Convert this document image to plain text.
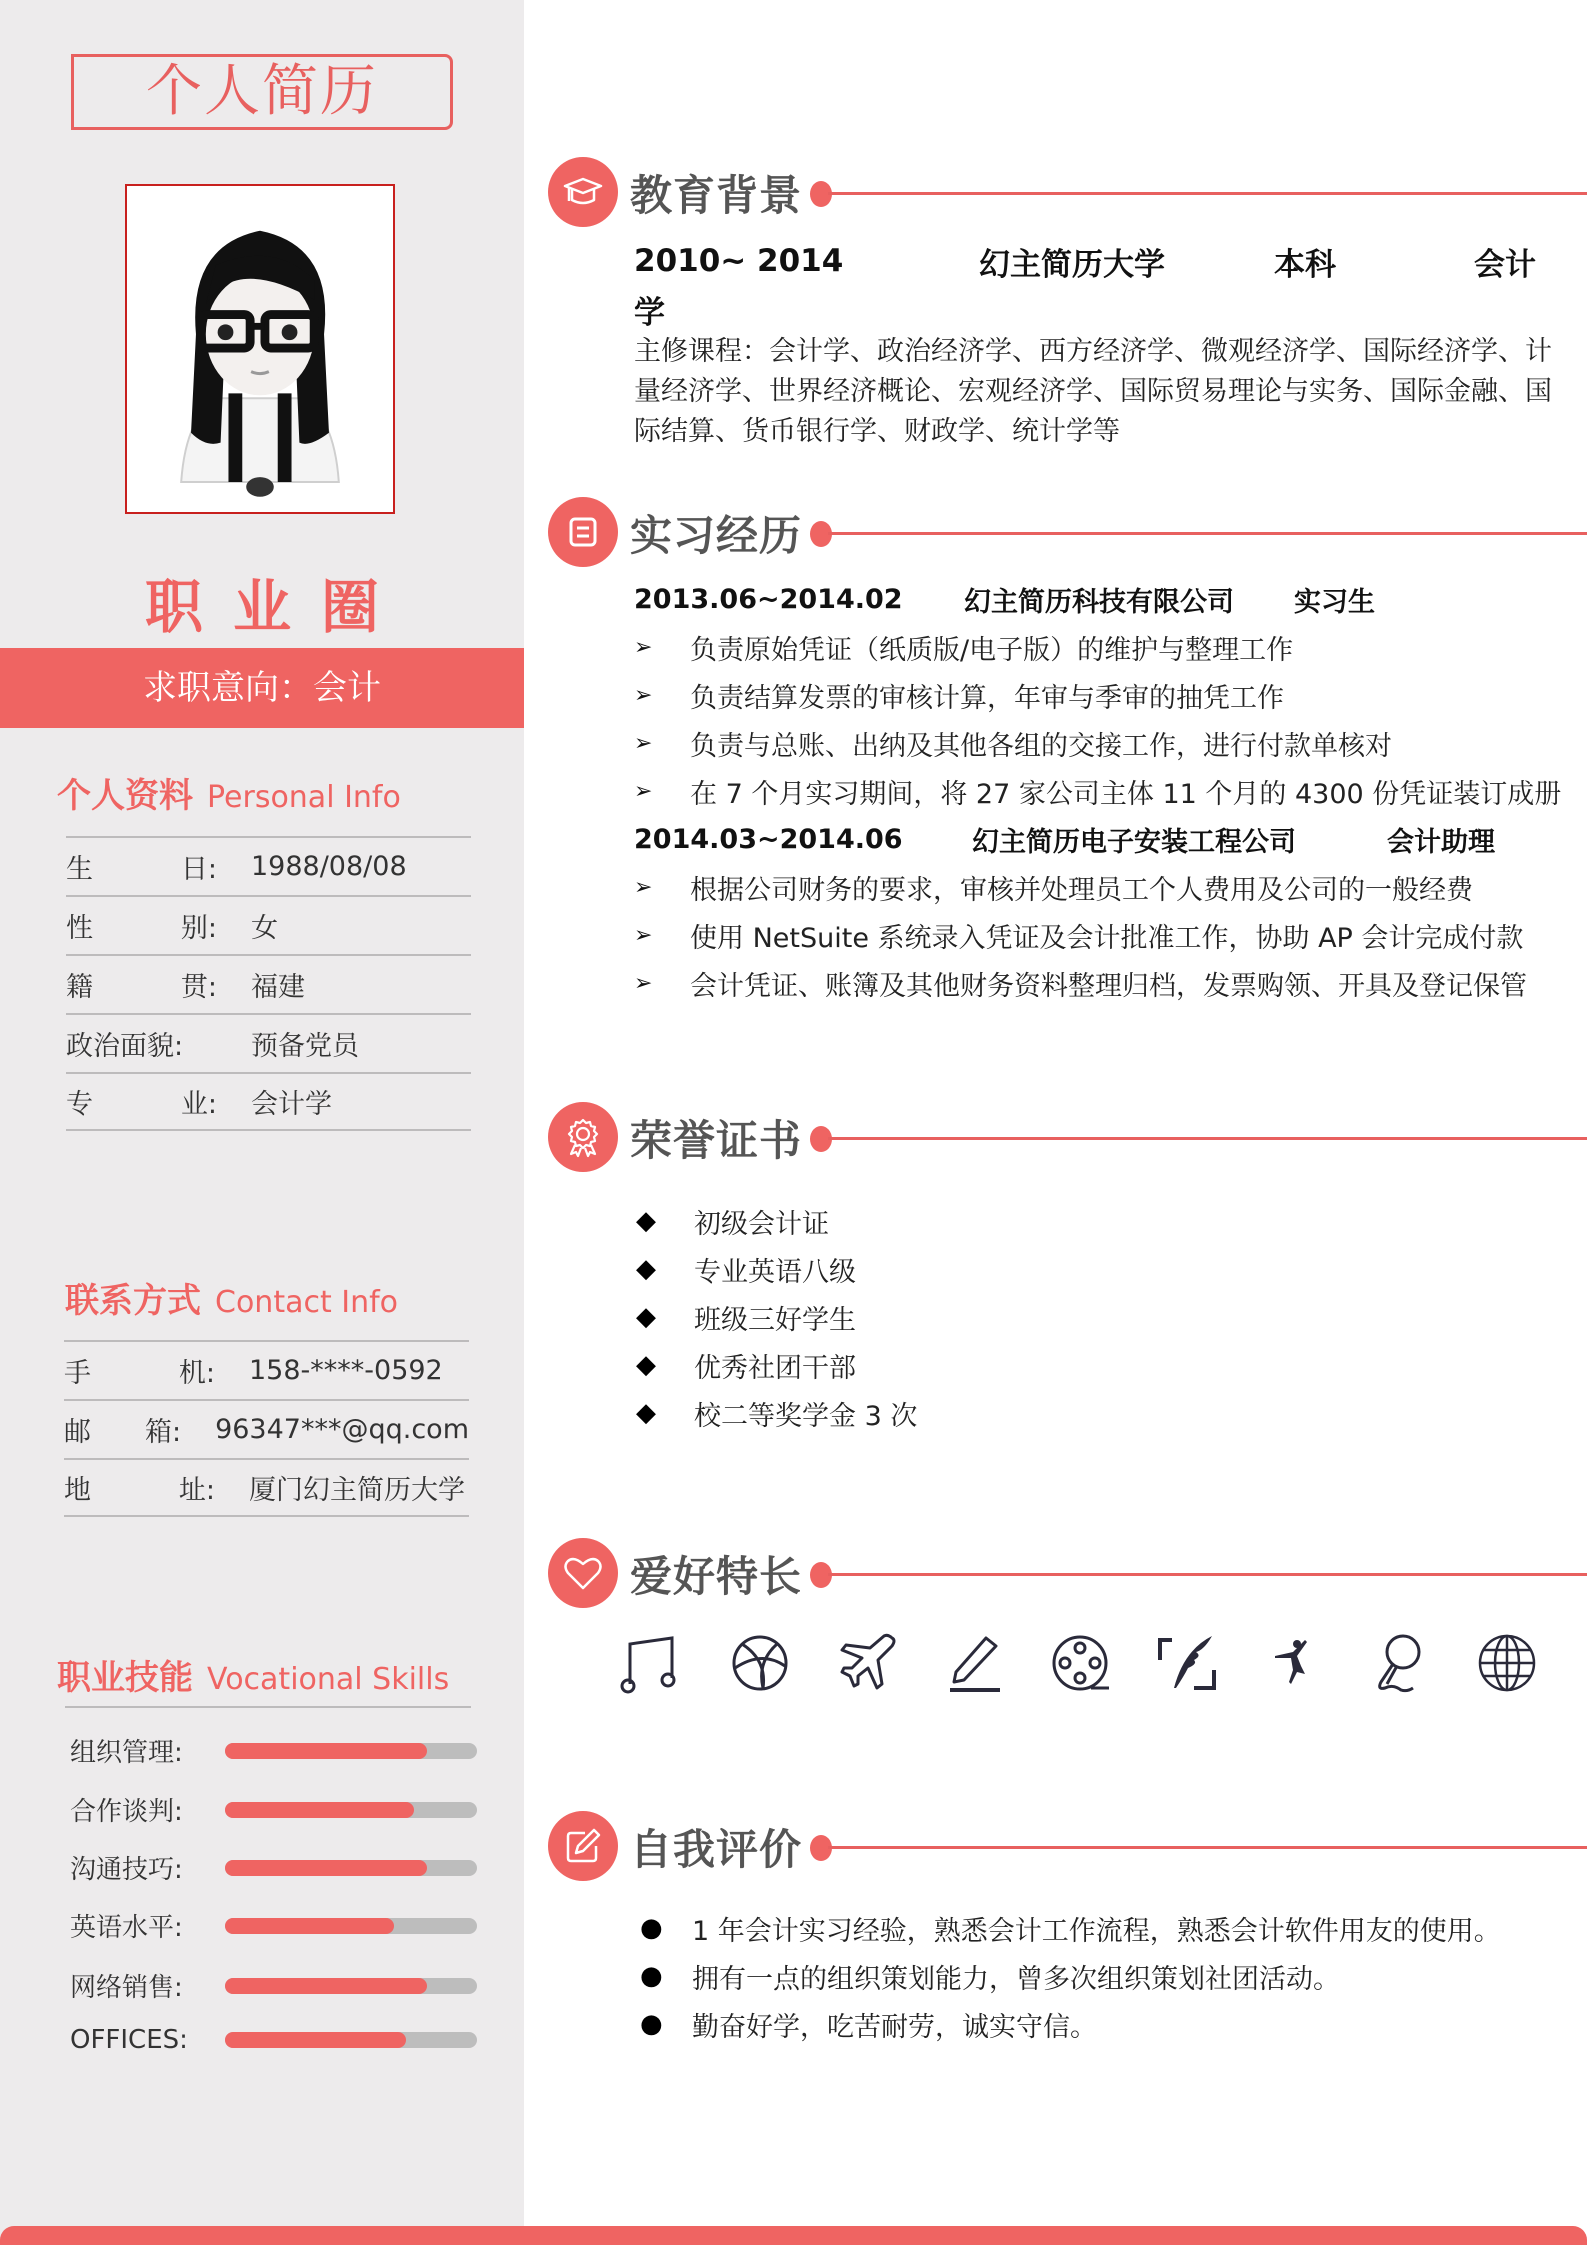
个人简历
职业圈
求职意向：会计
个人资料 Personal Info
生	日: 1988/08/08
性	别: 女
籍	贯: 福建
政治面貌:	预备党员
专	业: 会计学
联系方式 Contact Info
手	机: 158-****-0592
邮 箱: 96347***@qq.com
地	址: 厦门幻主简历大学
职业技能 Vocational Skills
组织管理:
合作谈判:
沟通技巧:
英语水平:
网络销售:
OFFICES:
教育背景
2010~ 2014	幻主简历大学	本科	会计
学
主修课程：会计学、政治经济学、西方经济学、微观经济学、国际经济学、计量经济学、世界经济概论、宏观经济学、国际贸易理论与实务、国际金融、国际结算、货币银行学、财政学、统计学等
实习经历
2013.06~2014.02	幻主简历科技有限公司	实习生
➢	负责原始凭证（纸质版/电子版）的维护与整理工作
➢	负责结算发票的审核计算，年审与季审的抽凭工作
➢	负责与总账、出纳及其他各组的交接工作，进行付款单核对
➢	在 7 个月实习期间，将 27 家公司主体 11 个月的 4300 份凭证装订成册
2014.03~2014.06	幻主简历电子安装工程公司	会计助理
➢	根据公司财务的要求，审核并处理员工个人费用及公司的一般经费
➢	使用 NetSuite 系统录入凭证及会计批准工作，协助 AP 会计完成付款
➢	会计凭证、账簿及其他财务资料整理归档，发票购领、开具及登记保管
荣誉证书
◆	初级会计证
◆	专业英语八级
◆	班级三好学生
◆	优秀社团干部
◆	校二等奖学金 3 次
爱好特长
自我评价
●	1 年会计实习经验，熟悉会计工作流程，熟悉会计软件用友的使用。
●	拥有一点的组织策划能力，曾多次组织策划社团活动。
●	勤奋好学，吃苦耐劳，诚实守信。
